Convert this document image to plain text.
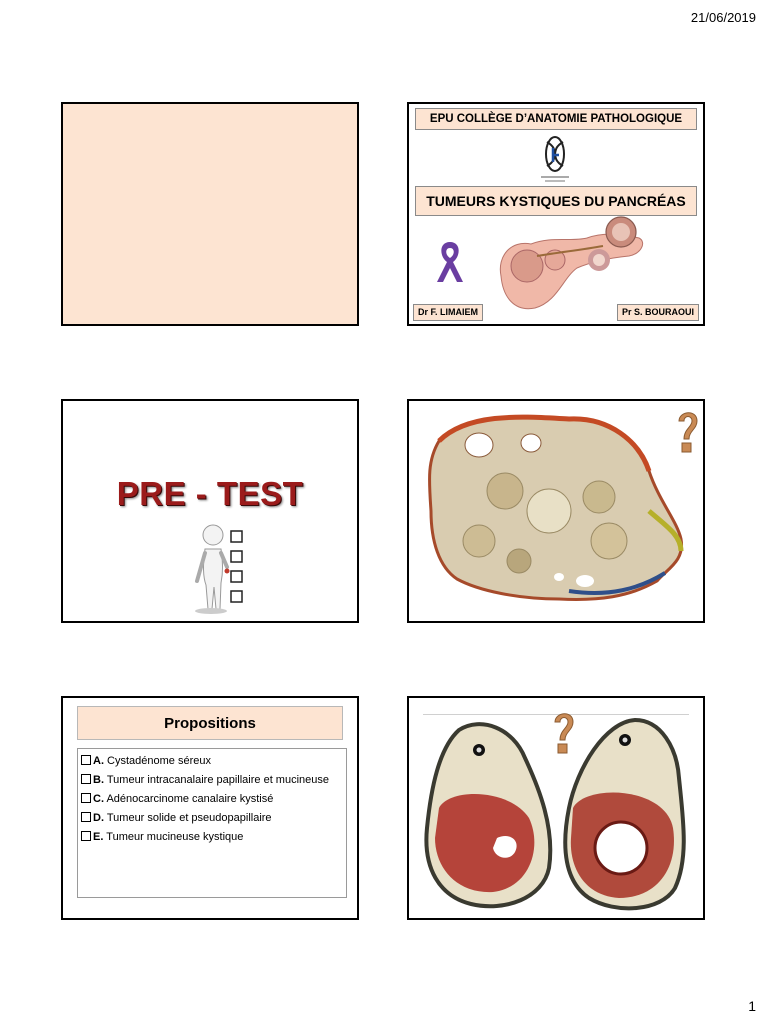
21/06/2019
EPU COLLÈGE D’ANATOMIE PATHOLOGIQUE
TUMEURS KYSTIQUES DU PANCRÉAS
Dr F. LIMAIEM	Pr S. BOURAOUI
PRE - TEST
Propositions
A. Cystadénome séreux
B. Tumeur intracanalaire papillaire et mucineuse
C. Adénocarcinome canalaire kystisé
D. Tumeur solide et pseudopapillaire
E. Tumeur mucineuse kystique
1
